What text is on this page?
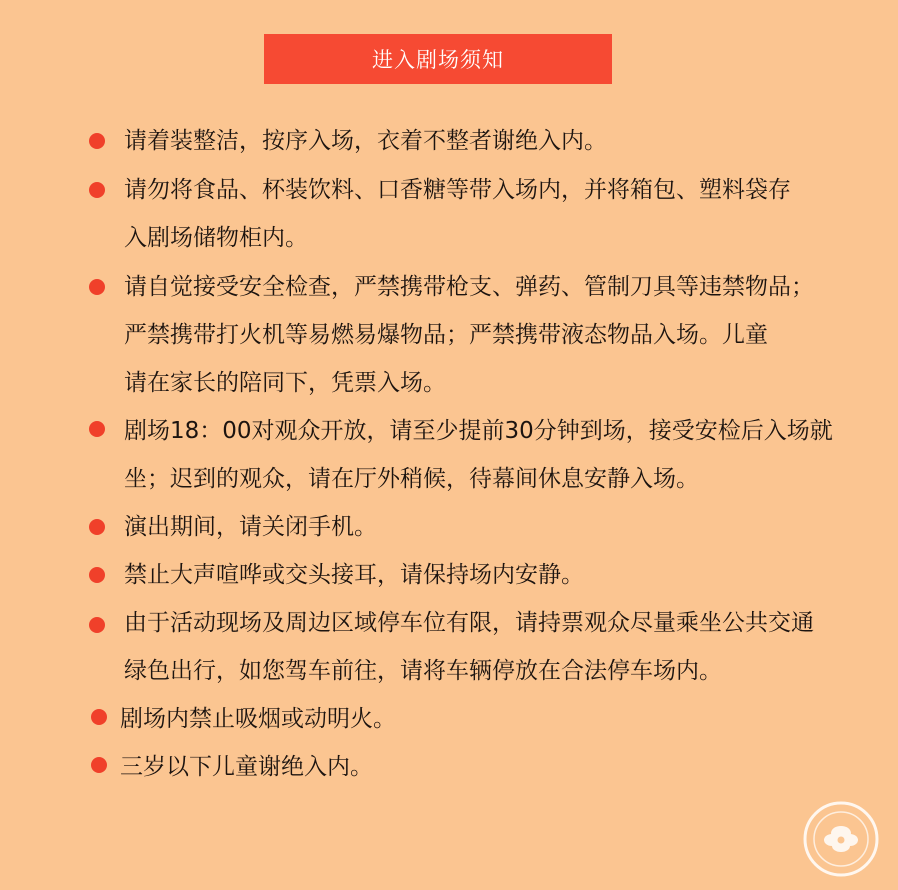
进入剧场须知
请着装整洁，按序入场，衣着不整者谢绝入内。
请勿将食品、杯装饮料、口香糖等带入场内，并将箱包、塑料袋存
入剧场储物柜内。
请自觉接受安全检查，严禁携带枪支、弹药、管制刀具等违禁物品；
严禁携带打火机等易燃易爆物品；严禁携带液态物品入场。儿童
请在家长的陪同下，凭票入场。
剧场18：00对观众开放，请至少提前30分钟到场，接受安检后入场就
坐；迟到的观众，请在厅外稍候，待幕间休息安静入场。
演出期间，请关闭手机。
禁止大声喧哗或交头接耳，请保持场内安静。
由于活动现场及周边区域停车位有限，请持票观众尽量乘坐公共交通
绿色出行，如您驾车前往，请将车辆停放在合法停车场内。
剧场内禁止吸烟或动明火。
三岁以下儿童谢绝入内。
